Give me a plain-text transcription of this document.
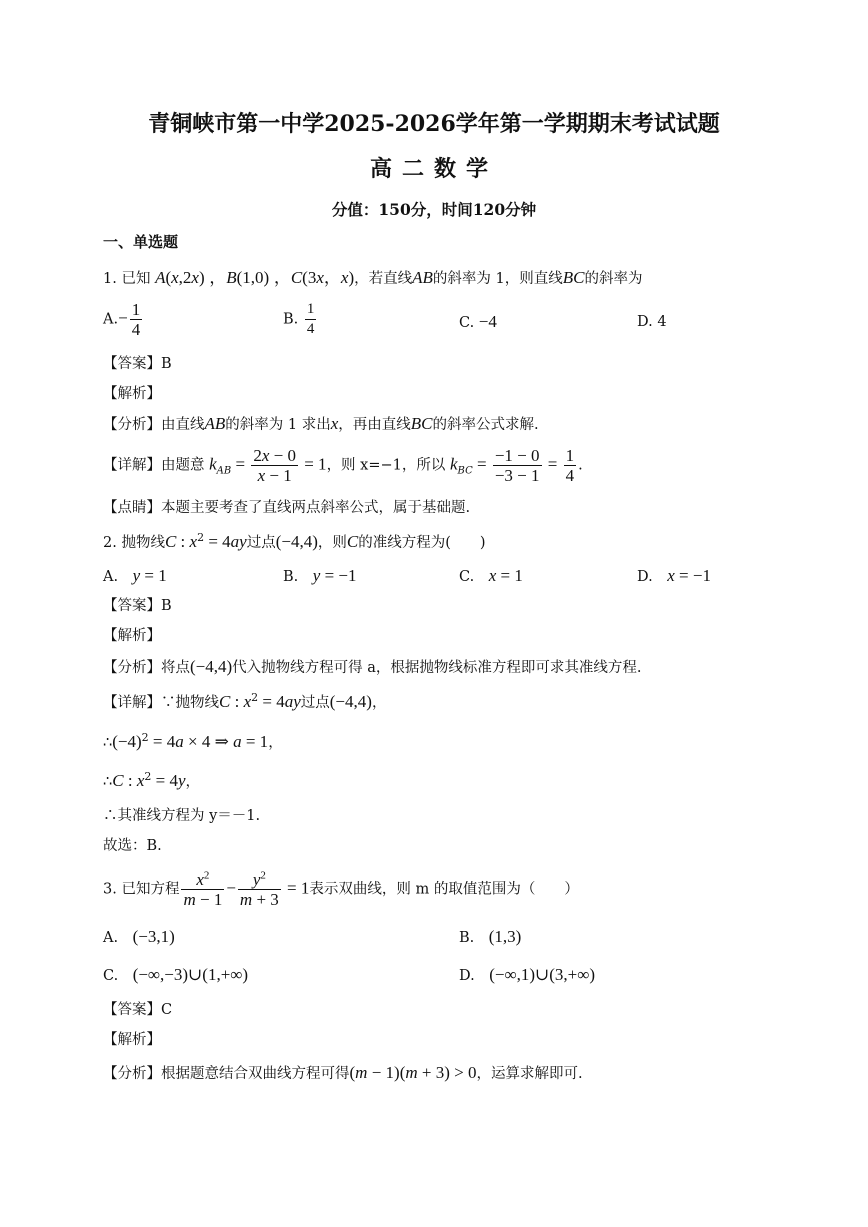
青铜峡市第一中学2025-2026学年第一学期期末考试试题
高二数学
分值：150分，时间120分钟
一、单选题
1. 已知 A(x,2x) ，B(1,0) ，C(3x，x)，若直线AB的斜率为 1，则直线BC的斜率为
$A.- \frac{1}{4}$	B. $\frac{1}{4}$	C. −4	D. 4
【答案】B
【解析】
【分析】由直线AB的斜率为 1 求出x，再由直线BC的斜率公式求解.
【详解】由题意 $k_{AB} = \frac{2x - 0}{x - 1} = 1$，则 x=−1，所以 $k_{BC} = \frac{-1 - 0}{-3 - 1} = \frac{1}{4}$ .
【点睛】本题主要考查了直线两点斜率公式，属于基础题.
2. 抛物线C : $x^2 = 4ay$过点(−4,4)，则C的准线方程为(　　)
A.　 y = 1	B.　 y = −1	C.　 x = 1	D.　 x = −1
【答案】B
【解析】
【分析】将点(−4,4)代入抛物线方程可得 a，根据抛物线标准方程即可求其准线方程.
【详解】∵抛物线C : $x^2 = 4ay$过点(−4,4)，
$\therefore(-4)^2 = 4a \times 4$ ⇒ a = 1，
∴C : $x^2 = 4y$，
∴其准线方程为 y＝－1.
故选：B.
3. 已知方程 $\frac{x^2}{m - 1} - \frac{y^2}{m + 3} = 1$表示双曲线，则 m 的取值范围为（　　）
A.　 (−3,1)	B.　 (1,3)
C.　 (−∞,−3)∪(1,+∞)	D.　 (−∞,1)∪(3,+∞)
【答案】C
【解析】
【分析】根据题意结合双曲线方程可得(m − 1)(m + 3) > 0，运算求解即可.
